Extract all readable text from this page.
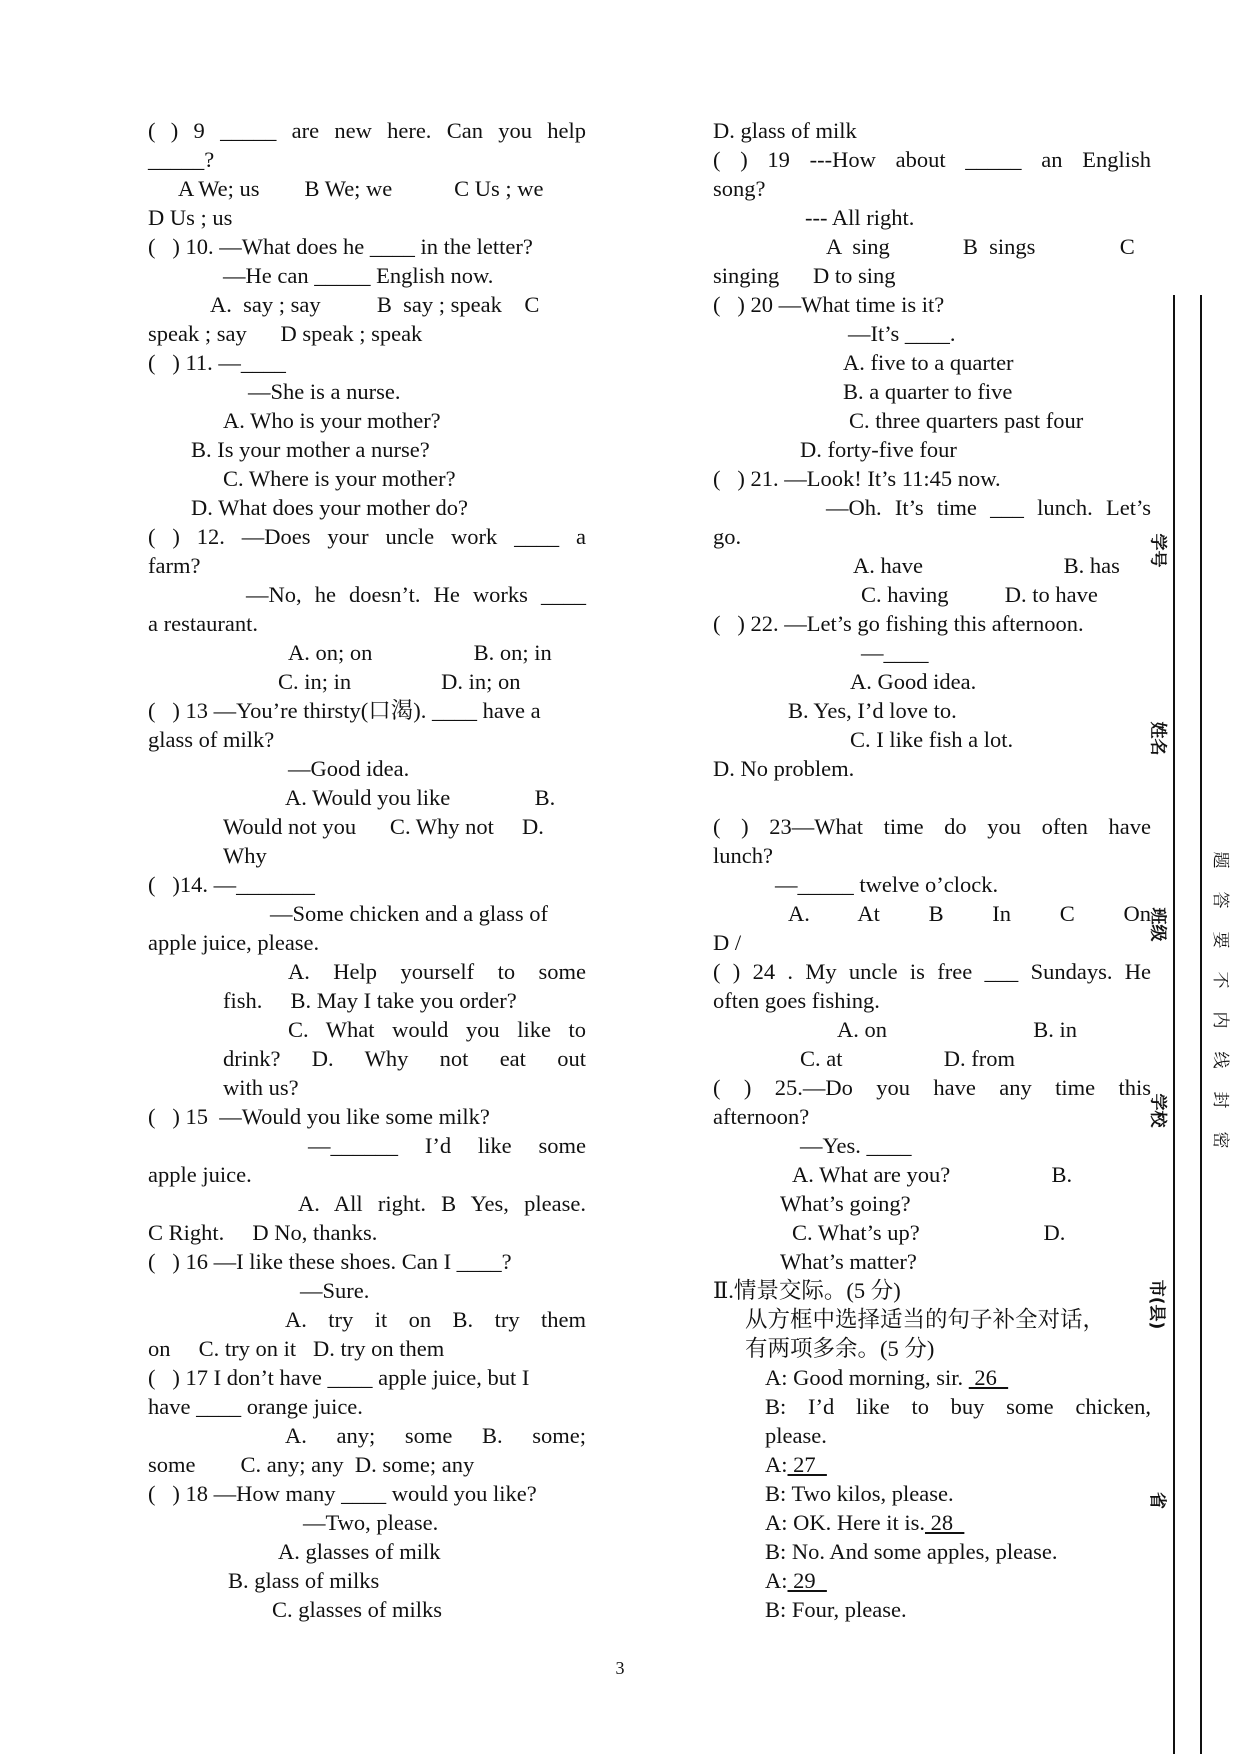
( ) 9 _____ are new here. Can you help
_____?
A We; us        B We; we           C Us ; we
D Us ; us
(   ) 10. —What does he ____ in the letter?
—He can _____ English now.
A.  say ; say          B  say ; speak    C
speak ; say      D speak ; speak
(   ) 11. —____
—She is a nurse.
A. Who is your mother?
B. Is your mother a nurse?
C. Where is your mother?
D. What does your mother do?
( ) 12. —Does your uncle work ____ a
farm?
—No, he doesn’t. He works ____
a restaurant.
A. on; on                  B. on; in
C. in; in                D. in; on
(   ) 13 —You’re thirsty(口渴). ____ have a
glass of milk?
—Good idea.
A. Would you like               B.
Would not you      C. Why not     D.
Why
(   )14. —_______
—Some chicken and a glass of
apple juice, please.
A. Help yourself to some
fish.     B. May I take you order?
C. What would you like to
drink? D. Why not eat out
with us?
(   ) 15  —Would you like some milk?
—______ I’d like some
apple juice.
A. All right. B Yes, please.
C Right.     D No, thanks.
(   ) 16 —I like these shoes. Can I ____?
—Sure.
A. try it on B. try them
on     C. try on it   D. try on them
(   ) 17 I don’t have ____ apple juice, but I
have ____ orange juice.
A. any; some B. some;
some        C. any; any  D. some; any
(   ) 18 —How many ____ would you like?
—Two, please.
A. glasses of milk
B. glass of milks
C. glasses of milks
D. glass of milk
( ) 19 ---How about _____ an English
song?
--- All right.
A  sing             B  sings               C
singing      D to sing
(   ) 20 —What time is it?
—It’s ____.
A. five to a quarter
B. a quarter to five
C. three quarters past four
D. forty-five four
(   ) 21. —Look! It’s 11:45 now.
—Oh. It’s time ___ lunch. Let’s
go.
A. have                         B. has
C. having          D. to have
(   ) 22. —Let’s go fishing this afternoon.
—____
A. Good idea.
B. Yes, I’d love to.
C. I like fish a lot.
D. No problem.
( ) 23—What time do you often have
lunch?
—_____ twelve o’clock.
A. At B In C On
D /
( ) 24 . My uncle is free ___ Sundays. He
often goes fishing.
A. on                          B. in
C. at                  D. from
( ) 25.—Do you have any time this
afternoon?
—Yes. ____
A. What are you?                  B.
What’s going?
C. What’s up?                      D.
What’s matter?
Ⅱ.情景交际。(5 分)
从方框中选择适当的句子补全对话，
有两项多余。(5 分)
A: Good morning, sir.  26
B: I’d like to buy some chicken,
please.
A: 27
B: Two kilos, please.
A: OK. Here it is. 28
B: No. And some apples, please.
A: 29
B: Four, please.
3
学号
姓名
班级
学校
市(县)
省
题
答
要
不
内
线
封
密
